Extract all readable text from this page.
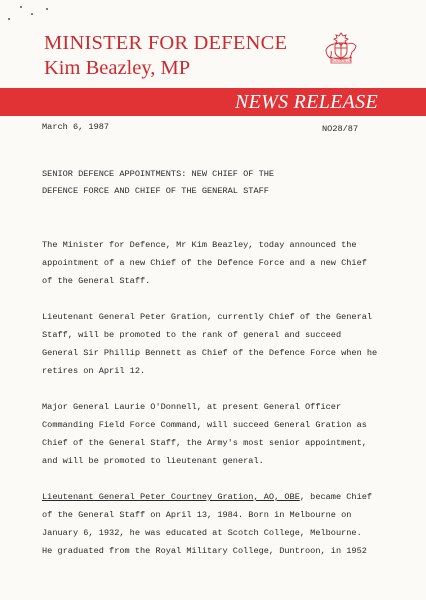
MINISTER FOR DEFENCE
Kim Beazley, MP	AUSTRALIA
NEWS RELEASE
March 6, 1987	NO28/87
SENIOR DEFENCE APPOINTMENTS: NEW CHIEF OF THE
DEFENCE FORCE AND CHIEF OF THE GENERAL STAFF
The Minister for Defence, Mr Kim Beazley, today announced the
appointment of a new Chief of the Defence Force and a new Chief
of the General Staff.
Lieutenant General Peter Gration, currently Chief of the General
Staff, will be promoted to the rank of general and succeed
General Sir Phillip Bennett as Chief of the Defence Force when he
retires on April 12.
Major General Laurie O'Donnell, at present General Officer
Commanding Field Force Command, will succeed General Gration as
Chief of the General Staff, the Army's most senior appointment,
and will be promoted to lieutenant general.
Lieutenant General Peter Courtney Gration, AO, OBE, became Chief
of the General Staff on April 13, 1984. Born in Melbourne on
January 6, 1932, he was educated at Scotch College, Melbourne.
He graduated from the Royal Military College, Duntroon, in 1952
